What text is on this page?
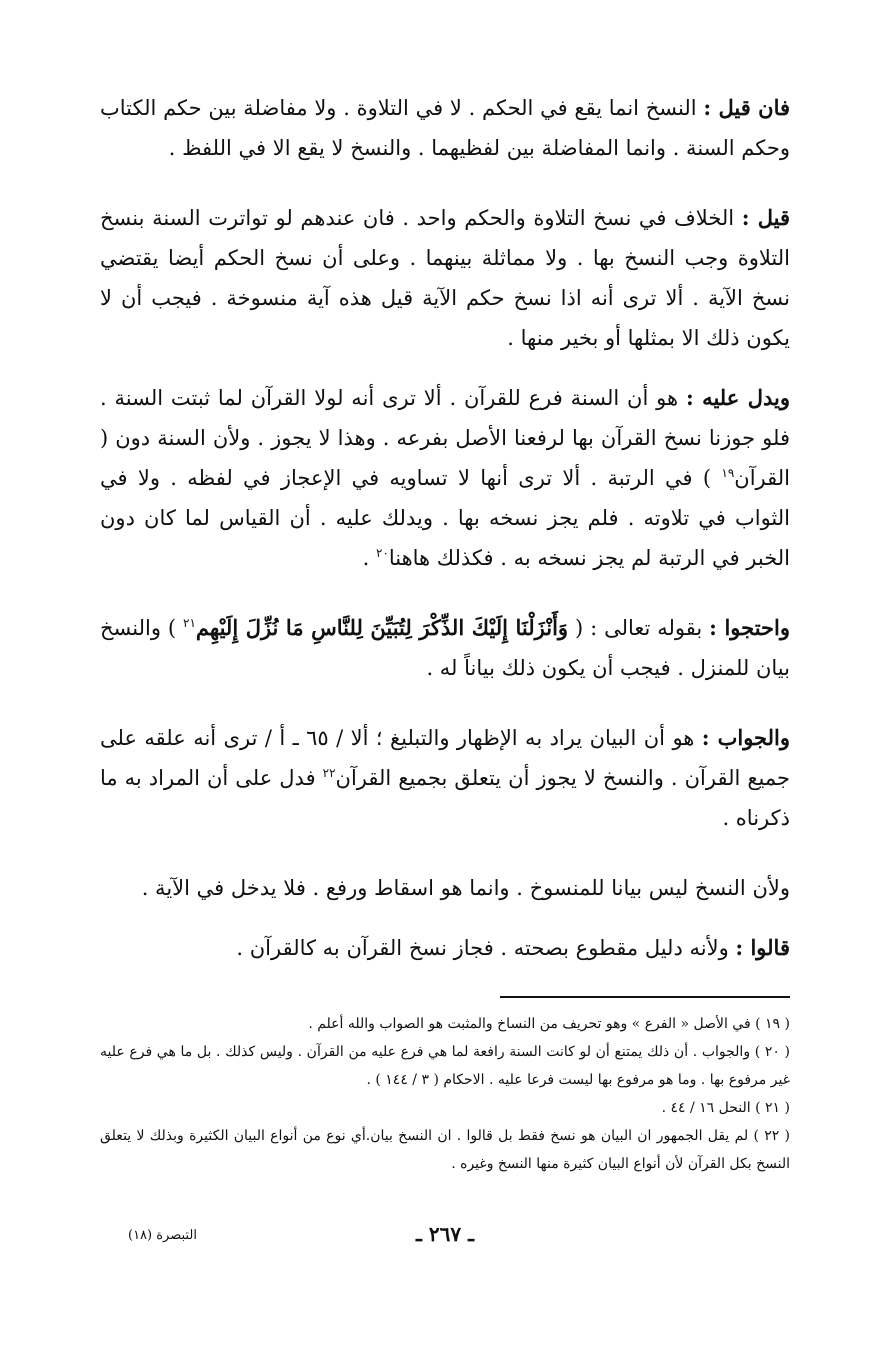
فان قيل : النسخ انما يقع في الحكم . لا في التلاوة . ولا مفاضلة بين حكم الكتاب وحكم السنة . وانما المفاضلة بين لفظيهما . والنسخ لا يقع الا في اللفظ .

قيل : الخلاف في نسخ التلاوة والحكم واحد . فان عندهم لو تواترت السنة بنسخ التلاوة وجب النسخ بها . ولا مماثلة بينهما . وعلى أن نسخ الحكم أيضا يقتضي نسخ الآية . ألا ترى أنه اذا نسخ حكم الآية قيل هذه آية منسوخة . فيجب أن لا يكون ذلك الا بمثلها أو بخير منها .

ويدل عليه : هو أن السنة فرع للقرآن . ألا ترى أنه لولا القرآن لما ثبتت السنة . فلو جوزنا نسخ القرآن بها لرفعنا الأصل بفرعه . وهذا لا يجوز . ولأن السنة دون ( القرآن$^{١٩}$ ) في الرتبة . ألا ترى أنها لا تساويه في الإعجاز في لفظه . ولا في الثواب في تلاوته . فلم يجز نسخه بها . ويدلك عليه . أن القياس لما كان دون الخبر في الرتبة لم يجز نسخه به . فكذلك هاهنا$^{٢٠}$ .

واحتجوا : بقوله تعالى : ( وَأَنْزَلْنَا إِلَيْكَ الذِّكْرَ لِتُبَيِّنَ لِلنَّاسِ مَا نُزِّلَ إِلَيْهِم$^{٢١}$ ) والنسخ بيان للمنزل . فيجب أن يكون ذلك بياناً له .

والجواب : هو أن البيان يراد به الإظهار والتبليغ ؛ ألا / ٦٥ ـ أ / ترى أنه علقه على جميع القرآن . والنسخ لا يجوز أن يتعلق بجميع القرآن$^{٢٢}$ فدل على أن المراد به ما ذكرناه .

ولأن النسخ ليس بيانا للمنسوخ . وانما هو اسقاط ورفع . فلا يدخل في الآية .

قالوا : ولأنه دليل مقطوع بصحته . فجاز نسخ القرآن به كالقرآن .

( ١٩ ) في الأصل « الفرع » وهو تحريف من النساخ والمثبت هو الصواب والله أعلم .

( ٢٠ ) والجواب . أن ذلك يمتنع أن لو كانت السنة رافعة لما هي فرع عليه من القرآن . وليس كذلك . بل ما هي فرع عليه غير مرفوع بها . وما هو مرفوع بها ليست فرعا عليه . الاحكام ( ٣ / ١٤٤ ) .

( ٢١ ) النحل ١٦ / ٤٤ .

( ٢٢ ) لم يقل الجمهور ان البيان هو نسخ فقط بل قالوا . ان النسخ بيان.أي نوع من أنواع البيان الكثيرة وبذلك لا يتعلق النسخ بكل القرآن لأن أنواع البيان كثيرة منها النسخ وغيره .

ـ ٢٦٧ ـ
التبصرة (١٨)
